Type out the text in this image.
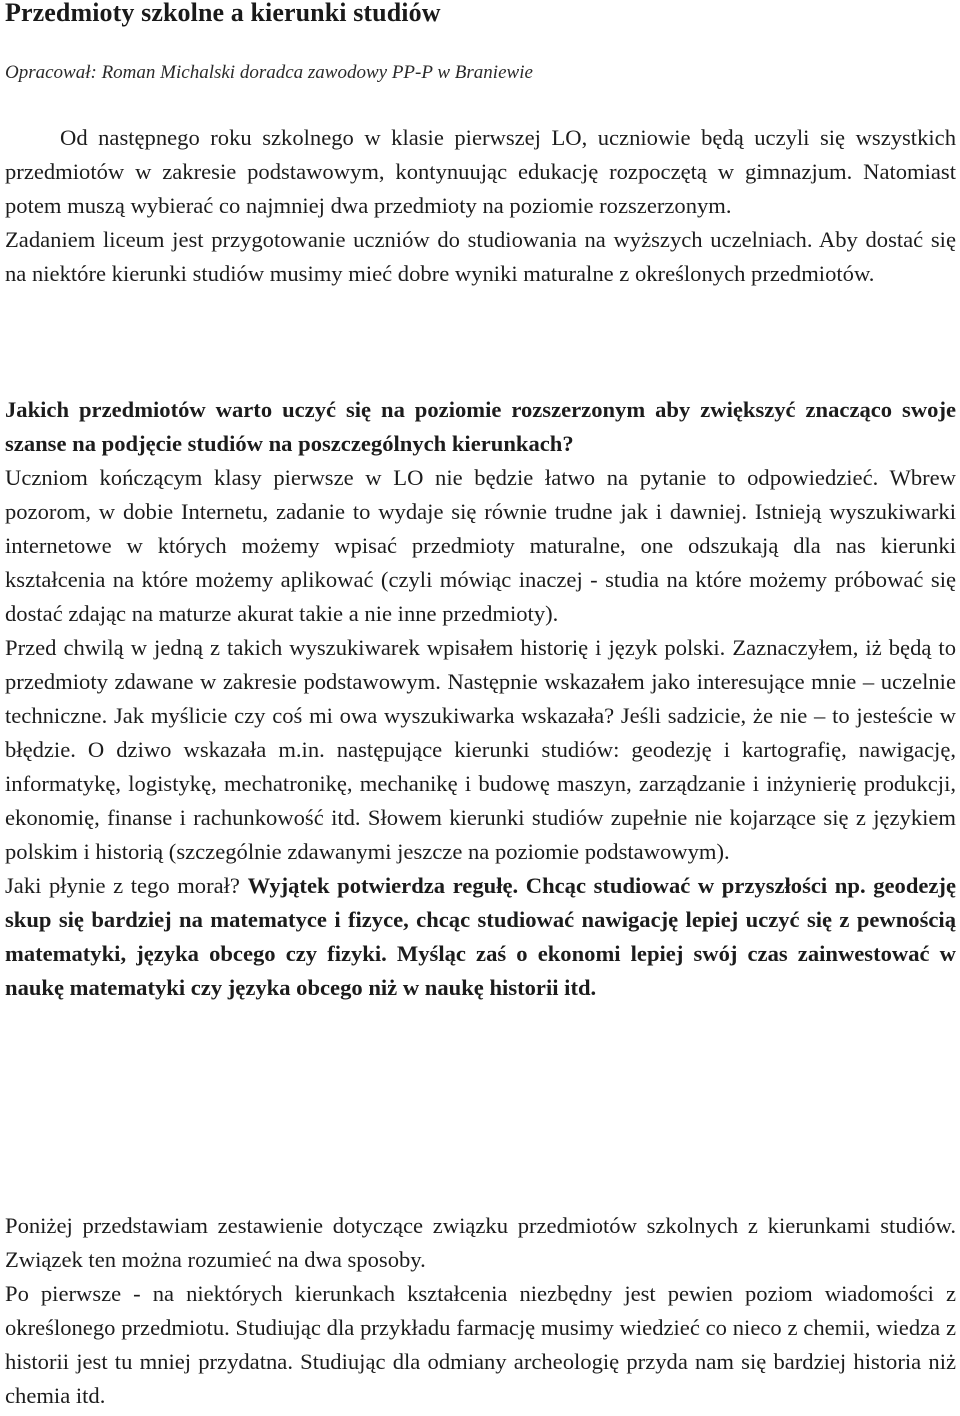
Przedmioty szkolne a kierunki studiów

Opracował: Roman Michalski doradca zawodowy PP-P w Braniewie

Od następnego roku szkolnego w klasie pierwszej LO, uczniowie będą uczyli się wszystkich przedmiotów w zakresie podstawowym, kontynuując edukację rozpoczętą w gimnazjum. Natomiast potem muszą wybierać co najmniej dwa przedmioty na poziomie rozszerzonym.

Zadaniem liceum jest przygotowanie uczniów do studiowania na wyższych uczelniach. Aby dostać się na niektóre kierunki studiów musimy mieć dobre wyniki maturalne z określonych przedmiotów.

Jakich przedmiotów warto uczyć się na poziomie rozszerzonym aby zwiększyć znacząco swoje szanse na podjęcie studiów na poszczególnych kierunkach?

Uczniom kończącym klasy pierwsze w LO nie będzie łatwo na pytanie to odpowiedzieć. Wbrew pozorom, w dobie Internetu, zadanie to wydaje się równie trudne jak i dawniej. Istnieją wyszukiwarki internetowe w których możemy wpisać przedmioty maturalne, one odszukają dla nas kierunki kształcenia na które możemy aplikować (czyli mówiąc inaczej - studia na które możemy próbować się dostać zdając na maturze akurat takie a nie inne przedmioty).

Przed chwilą w jedną z takich wyszukiwarek wpisałem historię i język polski. Zaznaczyłem, iż będą to przedmioty zdawane w zakresie podstawowym. Następnie wskazałem jako interesujące mnie – uczelnie techniczne. Jak myślicie czy coś mi owa wyszukiwarka wskazała? Jeśli sadzicie, że nie – to jesteście w błędzie. O dziwo wskazała m.in. następujące kierunki studiów: geodezję i kartografię, nawigację, informatykę, logistykę, mechatronikę, mechanikę i budowę maszyn, zarządzanie i inżynierię produkcji, ekonomię, finanse i rachunkowość itd. Słowem kierunki studiów zupełnie nie kojarzące się z językiem polskim i historią (szczególnie zdawanymi jeszcze na poziomie podstawowym).

Jaki płynie z tego morał? Wyjątek potwierdza regułę. Chcąc studiować w przyszłości np. geodezję skup się bardziej na matematyce i fizyce, chcąc studiować nawigację lepiej uczyć się z pewnością matematyki, języka obcego czy fizyki. Myśląc zaś o ekonomi lepiej swój czas zainwestować w naukę matematyki czy języka obcego niż w naukę historii itd.

Poniżej przedstawiam zestawienie dotyczące związku przedmiotów szkolnych z kierunkami studiów. Związek ten można rozumieć na dwa sposoby.

Po pierwsze - na niektórych kierunkach kształcenia niezbędny jest pewien poziom wiadomości z określonego przedmiotu. Studiując dla przykładu farmację musimy wiedzieć co nieco z chemii, wiedza z historii jest tu mniej przydatna. Studiując dla odmiany archeologię przyda nam się bardziej historia niż chemia itd.
